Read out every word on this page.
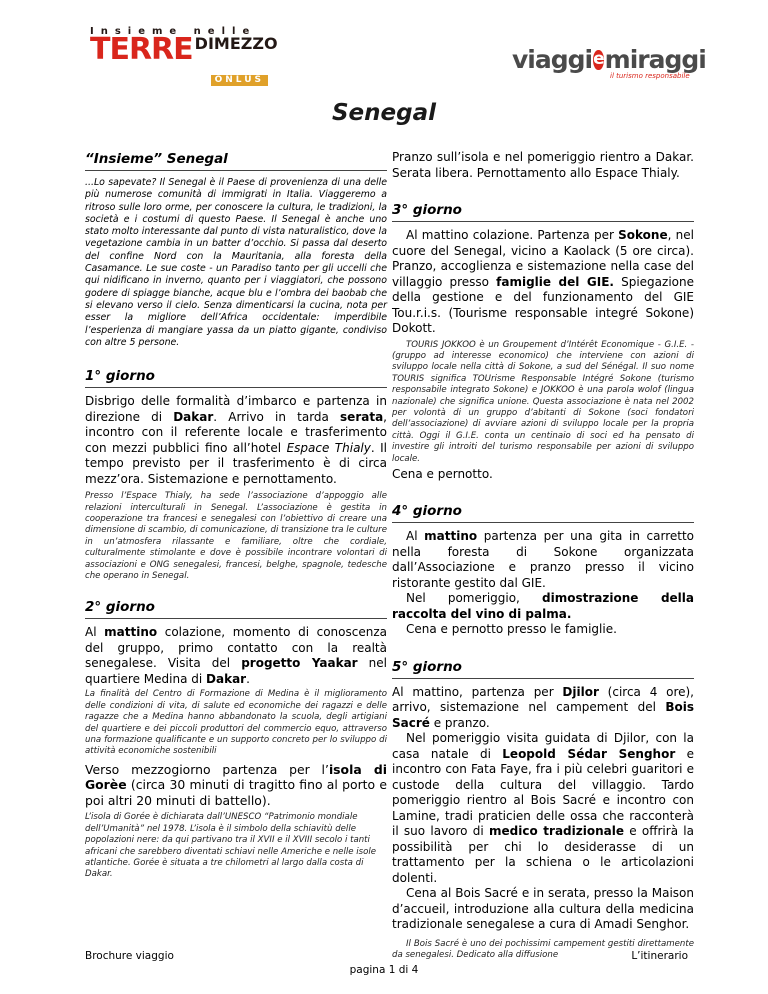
Insieme nelle
TERRE DIMEZZO
ONLUS
viaggi e miraggi
il turismo responsabile
Senegal
“Insieme” Senegal
...Lo sapevate? Il Senegal è il Paese di provenienza di una delle più numerose comunità di immigrati in Italia. Viaggeremo a ritroso sulle loro orme, per conoscere la cultura, le tradizioni, la società e i costumi di questo Paese. Il Senegal è anche uno stato molto interessante dal punto di vista naturalistico, dove la vegetazione cambia in un batter d’occhio. Si passa dal deserto del confine Nord con la Mauritania, alla foresta della Casamance. Le sue coste - un Paradiso tanto per gli uccelli che qui nidificano in inverno, quanto per i viaggiatori, che possono godere di spiagge bianche, acque blu e l’ombra dei baobab che si elevano verso il cielo. Senza dimenticarsi la cucina, nota per esser la migliore dell’Africa occidentale: imperdibile l’esperienza di mangiare yassa da un piatto gigante, condiviso con altre 5 persone.
1° giorno
Disbrigo delle formalità d’imbarco e partenza in direzione di Dakar. Arrivo in tarda serata, incontro con il referente locale e trasferimento con mezzi pubblici fino all’hotel Espace Thialy. Il tempo previsto per il trasferimento è di circa mezz’ora. Sistemazione e pernottamento.
Presso l’Espace Thialy, ha sede l’associazione d’appoggio alle relazioni interculturali in Senegal. L’associazione è gestita in cooperazione tra francesi e senegalesi con l’obiettivo di creare una dimensione di scambio, di comunicazione, di transizione tra le culture in un’atmosfera rilassante e familiare, oltre che cordiale, culturalmente stimolante e dove è possibile incontrare volontari di associazioni e ONG senegalesi, francesi, belghe, spagnole, tedesche che operano in Senegal.
2° giorno
Al mattino colazione, momento di conoscenza del gruppo, primo contatto con la realtà senegalese. Visita del progetto Yaakar nel quartiere Medina di Dakar.
La finalità del Centro di Formazione di Medina è il miglioramento delle condizioni di vita, di salute ed economiche dei ragazzi e delle ragazze che a Medina hanno abbandonato la scuola, degli artigiani del quartiere e dei piccoli produttori del commercio equo, attraverso una formazione qualificante e un supporto concreto per lo sviluppo di attività economiche sostenibili
Verso mezzogiorno partenza per l’isola di Gorèe (circa 30 minuti di tragitto fino al porto e poi altri 20 minuti di battello).
L’isola di Gorée è dichiarata dall’UNESCO “Patrimonio mondiale dell’Umanità” nel 1978. L’isola è il simbolo della schiavitù delle popolazioni nere: da qui partivano tra il XVII e il XVIII secolo i tanti africani che sarebbero diventati schiavi nelle Americhe e nelle isole atlantiche. Gorée è situata a tre chilometri al largo dalla costa di Dakar.
Pranzo sull’isola e nel pomeriggio rientro a Dakar. Serata libera. Pernottamento allo Espace Thialy.
3° giorno
Al mattino colazione. Partenza per Sokone, nel cuore del Senegal, vicino a Kaolack (5 ore circa). Pranzo, accoglienza e sistemazione nella case del villaggio presso famiglie del GIE. Spiegazione della gestione e del funzionamento del GIE Tou.r.i.s. (Tourisme responsable integré Sokone) Dokott.
TOURIS JOKKOO è un Groupement d’Intérêt Economique - G.I.E. - (gruppo ad interesse economico) che interviene con azioni di sviluppo locale nella città di Sokone, a sud del Sénégal. Il suo nome TOURIS significa TOUrisme Responsable Intégré Sokone (turismo responsabile integrato Sokone) e JOKKOO è una parola wolof (lingua nazionale) che significa unione. Questa associazione è nata nel 2002 per volontà di un gruppo d’abitanti di Sokone (soci fondatori dell’associazione) di avviare azioni di sviluppo locale per la propria città. Oggi il G.I.E. conta un centinaio di soci ed ha pensato di investire gli introiti del turismo responsabile per azioni di sviluppo locale.
Cena e pernotto.
4° giorno
Al mattino partenza per una gita in carretto nella foresta di Sokone organizzata dall’Associazione e pranzo presso il vicino ristorante gestito dal GIE.
Nel pomeriggio, dimostrazione della raccolta del vino di palma.
Cena e pernotto presso le famiglie.
5° giorno
Al mattino, partenza per Djilor (circa 4 ore), arrivo, sistemazione nel campement del Bois Sacré e pranzo.
Nel pomeriggio visita guidata di Djilor, con la casa natale di Leopold Sédar Senghor e incontro con Fata Faye, fra i più celebri guaritori e custode della cultura del villaggio. Tardo pomeriggio rientro al Bois Sacré e incontro con Lamine, tradi praticien delle ossa che racconterà il suo lavoro di medico tradizionale e offrirà la possibilità per chi lo desiderasse di un trattamento per la schiena o le articolazioni dolenti.
Cena al Bois Sacré e in serata, presso la Maison d’accueil, introduzione alla cultura della medicina tradizionale senegalese a cura di Amadi Senghor.
Il Bois Sacré è uno dei pochissimi campement gestiti direttamente da senegalesi. Dedicato alla diffusione
Brochure viaggio	L’itinerario
pagina 1 di 4
